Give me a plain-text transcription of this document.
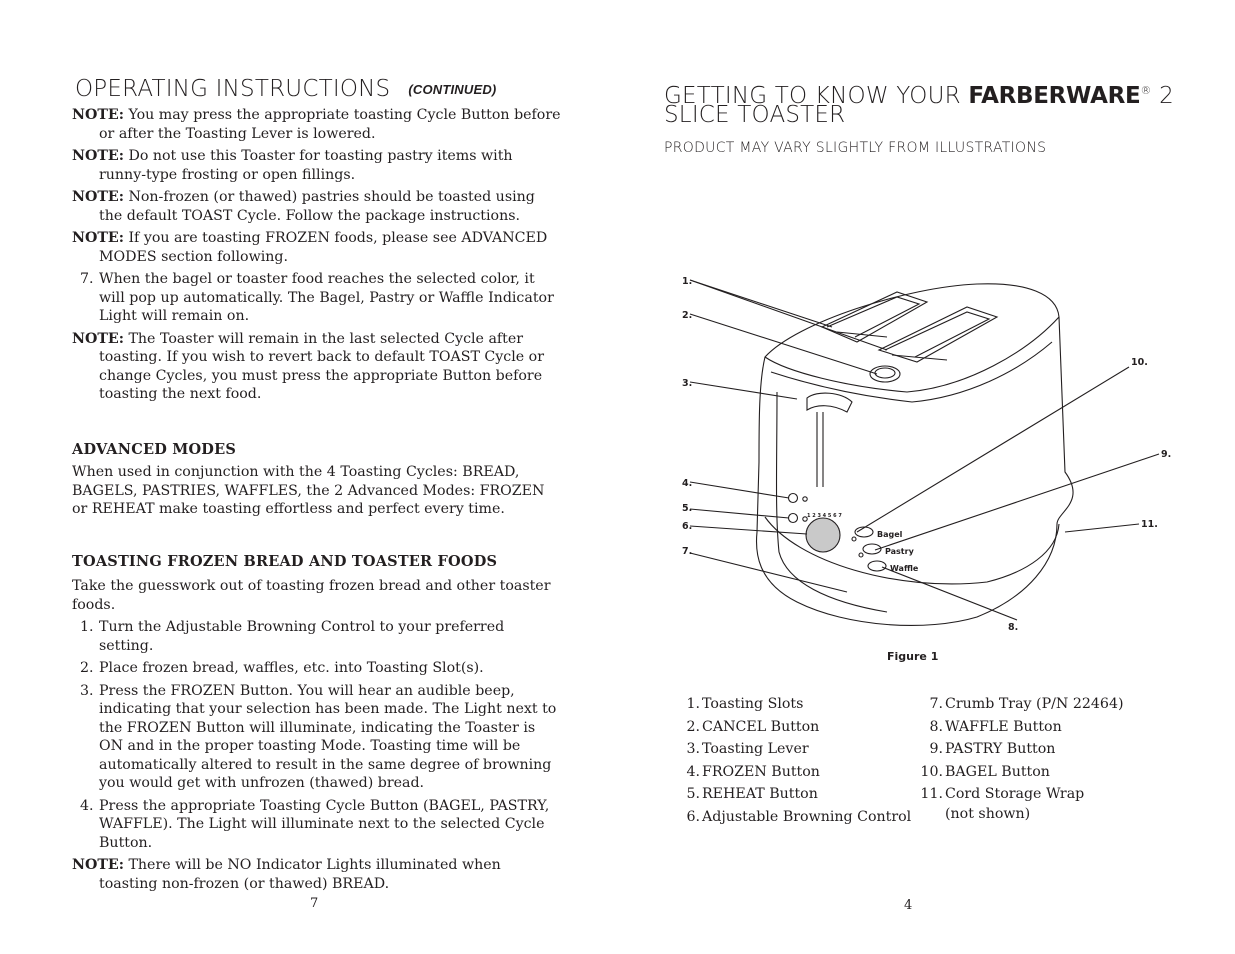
OPERATING INSTRUCTIONS (CONTINUED)

NOTE: You may press the appropriate toasting Cycle Button before or after the Toasting Lever is lowered.

NOTE: Do not use this Toaster for toasting pastry items with runny-type frosting or open fillings.

NOTE: Non-frozen (or thawed) pastries should be toasted using the default TOAST Cycle. Follow the package instructions.

NOTE: If you are toasting FROZEN foods, please see ADVANCED MODES section following.

7. When the bagel or toaster food reaches the selected color, it will pop up automatically. The Bagel, Pastry or Waffle Indicator Light will remain on.

NOTE: The Toaster will remain in the last selected Cycle after toasting. If you wish to revert back to default TOAST Cycle or change Cycles, you must press the appropriate Button before toasting the next food.

ADVANCED MODES

When used in conjunction with the 4 Toasting Cycles: BREAD, BAGELS, PASTRIES, WAFFLES, the 2 Advanced Modes: FROZEN or REHEAT make toasting effortless and perfect every time.

TOASTING FROZEN BREAD AND TOASTER FOODS

Take the guesswork out of toasting frozen bread and other toaster foods.

1. Turn the Adjustable Browning Control to your preferred setting.

2. Place frozen bread, waffles, etc. into Toasting Slot(s).

3. Press the FROZEN Button. You will hear an audible beep, indicating that your selection has been made. The Light next to the FROZEN Button will illuminate, indicating the Toaster is ON and in the proper toasting Mode. Toasting time will be automatically altered to result in the same degree of browning you would get with unfrozen (thawed) bread.

4. Press the appropriate Toasting Cycle Button (BAGEL, PASTRY, WAFFLE). The Light will illuminate next to the selected Cycle Button.

NOTE: There will be NO Indicator Lights illuminated when toasting non-frozen (or thawed) BREAD.

7
GETTING TO KNOW YOUR FARBERWARE® 2
SLICE TOASTER

PRODUCT MAY VARY SLIGHTLY FROM ILLUSTRATIONS

1.
2.
3.
4.
5.
6.
7.
8.
9.
10.
11.
Bagel
Pastry
Waffle
1 2 3 4 5 6 7

Figure 1

1. Toasting Slots
2. CANCEL Button
3. Toasting Lever
4. FROZEN Button
5. REHEAT Button
6. Adjustable Browning Control
7. Crumb Tray (P/N 22464)
8. WAFFLE Button
9. PASTRY Button
10. BAGEL Button
11. Cord Storage Wrap
(not shown)
4
